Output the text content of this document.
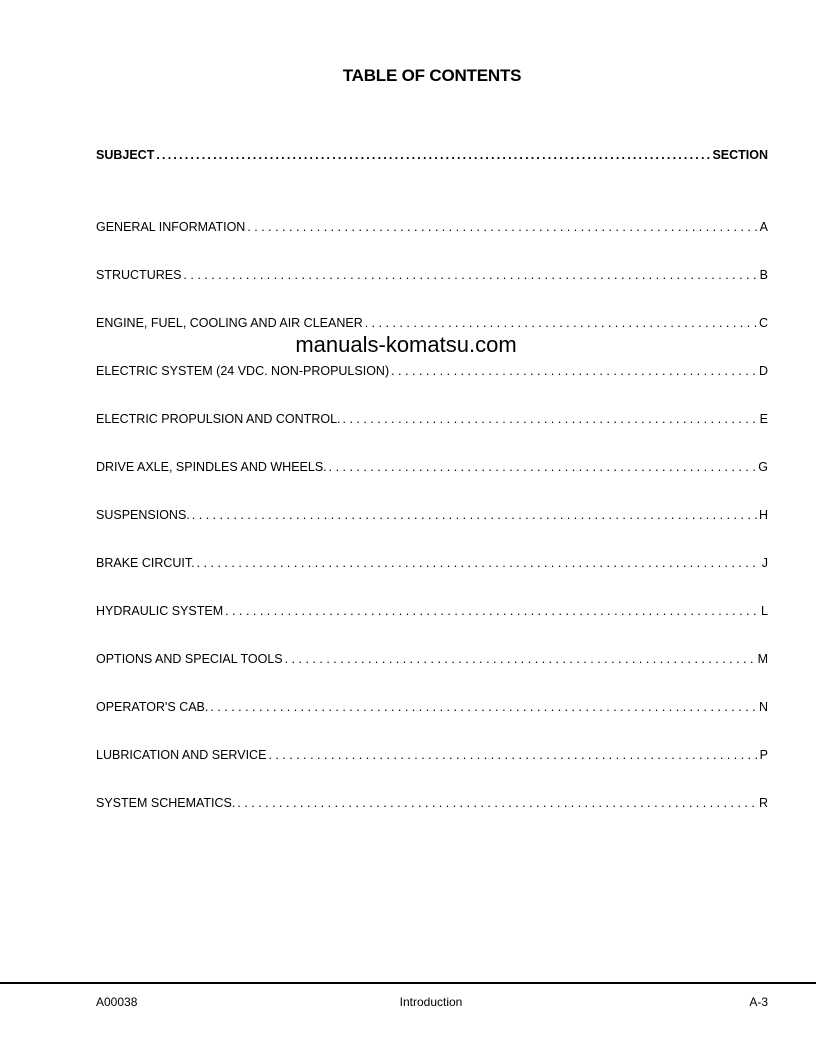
TABLE OF CONTENTS
SUBJECT .....	SECTION
GENERAL INFORMATION . . .	A
STRUCTURES . . .	B
ENGINE, FUEL, COOLING AND AIR CLEANER . . .	C
ELECTRIC SYSTEM (24 VDC. NON-PROPULSION) . . .	D
ELECTRIC PROPULSION AND CONTROL. . . .	E
DRIVE AXLE, SPINDLES AND WHEELS. . . .	G
SUSPENSIONS. . . .	H
BRAKE CIRCUIT. . . .	J
HYDRAULIC SYSTEM . . .	L
OPTIONS AND SPECIAL TOOLS . . .	M
OPERATOR'S CAB. . . .	N
LUBRICATION AND SERVICE . . .	P
SYSTEM SCHEMATICS. . . .	R
manuals-komatsu.com
A00038	Introduction	A-3
